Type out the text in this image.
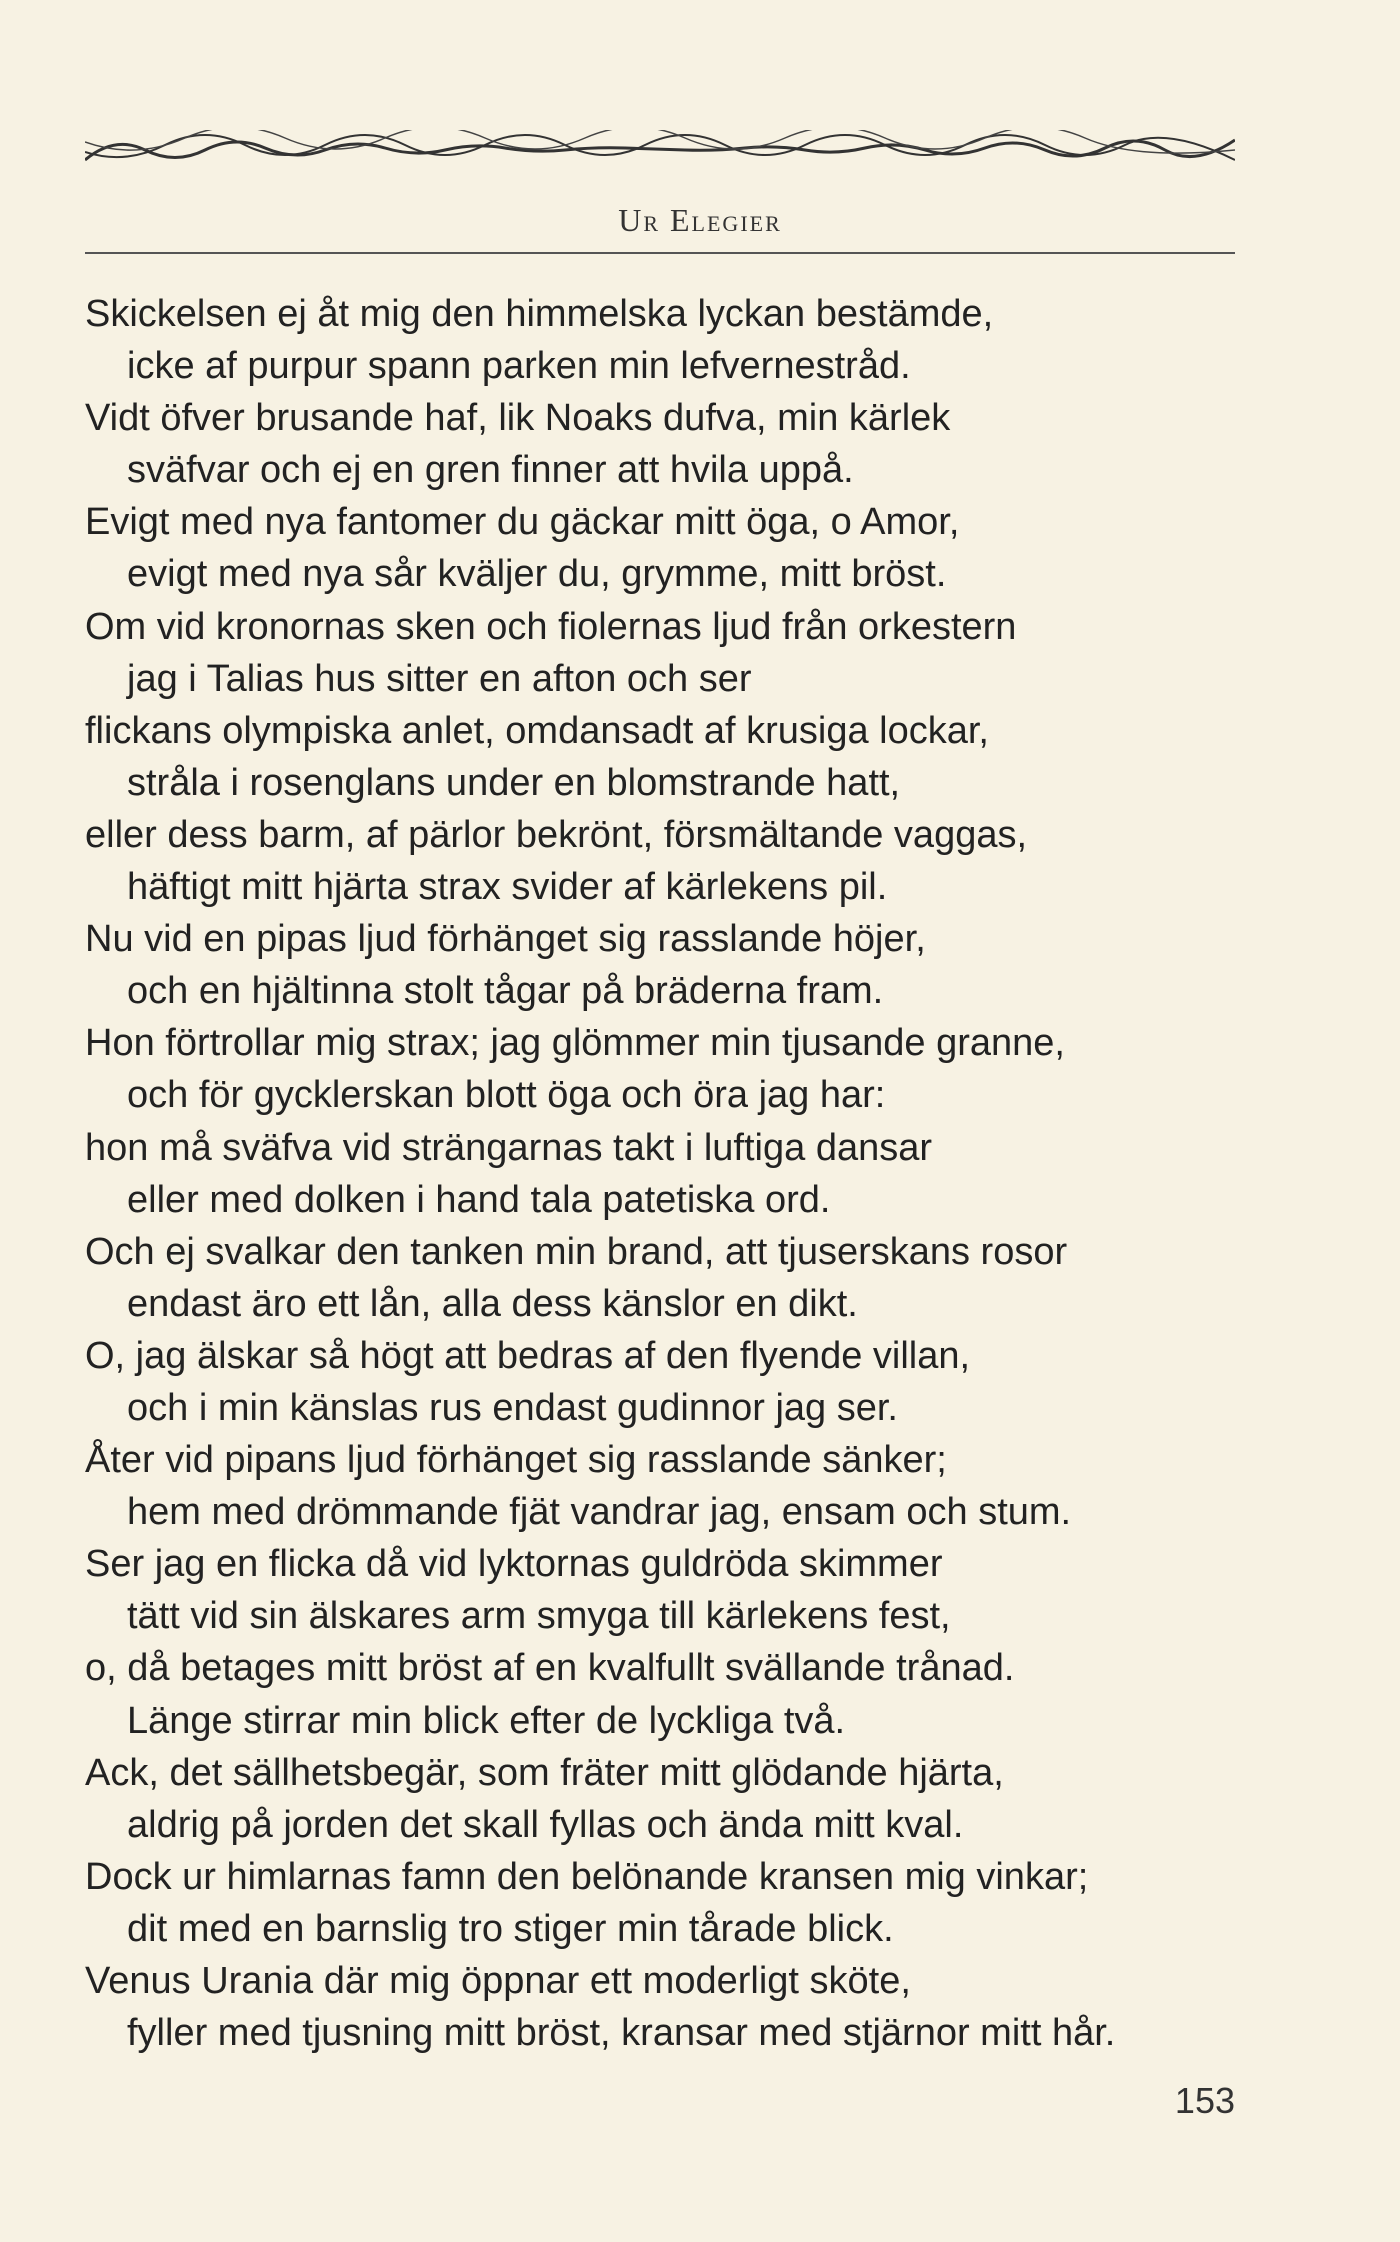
Ur Elegier
Skickelsen ej åt mig den himmelska lyckan bestämde,
icke af purpur spann parken min lefvernestråd.
Vidt öfver brusande haf, lik Noaks dufva, min kärlek
sväfvar och ej en gren finner att hvila uppå.
Evigt med nya fantomer du gäckar mitt öga, o Amor,
evigt med nya sår kväljer du, grymme, mitt bröst.
Om vid kronornas sken och fiolernas ljud från orkestern
jag i Talias hus sitter en afton och ser
flickans olympiska anlet, omdansadt af krusiga lockar,
stråla i rosenglans under en blomstrande hatt,
eller dess barm, af pärlor bekrönt, försmältande vaggas,
häftigt mitt hjärta strax svider af kärlekens pil.
Nu vid en pipas ljud förhänget sig rasslande höjer,
och en hjältinna stolt tågar på bräderna fram.
Hon förtrollar mig strax; jag glömmer min tjusande granne,
och för gycklerskan blott öga och öra jag har:
hon må sväfva vid strängarnas takt i luftiga dansar
eller med dolken i hand tala patetiska ord.
Och ej svalkar den tanken min brand, att tjuserskans rosor
endast äro ett lån, alla dess känslor en dikt.
O, jag älskar så högt att bedras af den flyende villan,
och i min känslas rus endast gudinnor jag ser.
Åter vid pipans ljud förhänget sig rasslande sänker;
hem med drömmande fjät vandrar jag, ensam och stum.
Ser jag en flicka då vid lyktornas guldröda skimmer
tätt vid sin älskares arm smyga till kärlekens fest,
o, då betages mitt bröst af en kvalfullt svällande trånad.
Länge stirrar min blick efter de lyckliga två.
Ack, det sällhetsbegär, som fräter mitt glödande hjärta,
aldrig på jorden det skall fyllas och ända mitt kval.
Dock ur himlarnas famn den belönande kransen mig vinkar;
dit med en barnslig tro stiger min tårade blick.
Venus Urania där mig öppnar ett moderligt sköte,
fyller med tjusning mitt bröst, kransar med stjärnor mitt hår.
153
